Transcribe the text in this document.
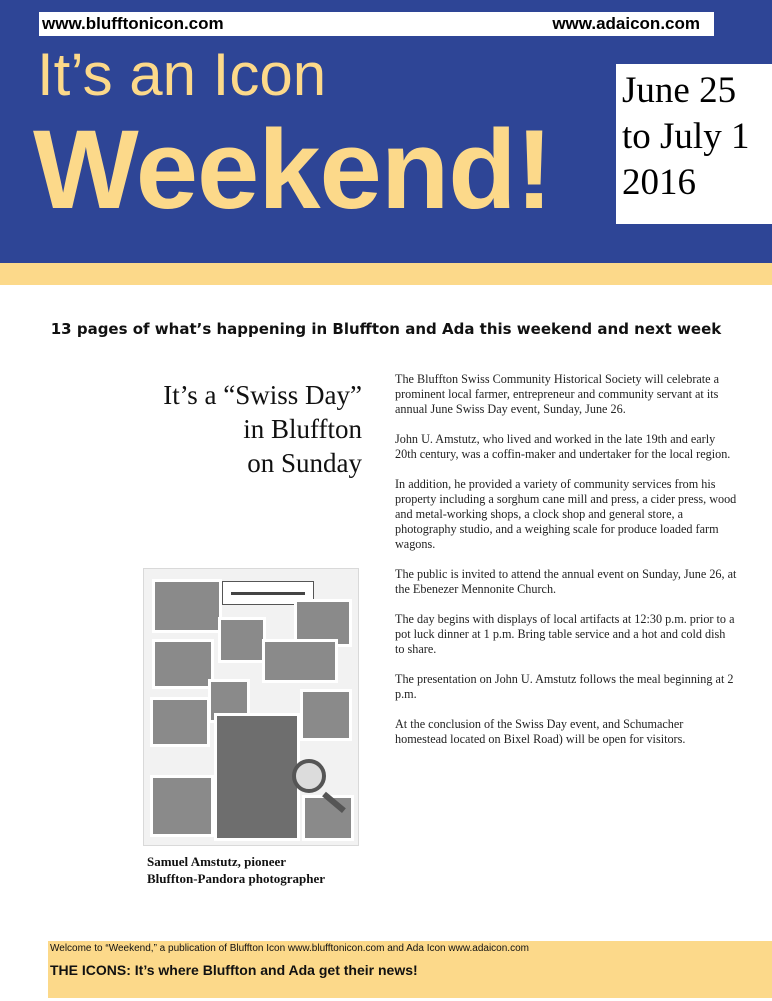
www.blufftonicon.com	www.adaicon.com
It’s an Icon
Weekend!
June 25
to July 1
2016
13 pages of what’s happening in Bluffton and Ada this weekend and next week
It’s a “Swiss Day”
in Bluffton
on Sunday

The Bluffton Swiss Community Historical Society will celebrate a prominent local farmer, entrepreneur and community servant at its annual June Swiss Day event, Sunday, June 26.

John U. Amstutz, who lived and worked in the late 19th and early 20th century, was a coffin-maker and undertaker for the local region.

In addition, he provided a variety of community services from his property including a sorghum cane mill and press, a cider press, wood and metal-working shops, a clock shop and general store, a photography studio, and a weighing scale for produce loaded farm wagons.

The public is invited to attend the annual event on Sunday, June 26, at the Ebenezer Mennonite Church.

The day begins with displays of local artifacts at 12:30 p.m. prior to a pot luck dinner at 1 p.m. Bring table service and a hot and cold dish to share.

The presentation on John U. Amstutz follows the meal beginning at 2 p.m.

At the conclusion of the Swiss Day event, and Schumacher homestead located on Bixel Road) will be open for visitors.

Samuel Amstutz, pioneer
Bluffton-Pandora photographer
Welcome to “Weekend,” a publication of Bluffton Icon www.blufftonicon.com and Ada Icon www.adaicon.com
THE ICONS: It’s where Bluffton and Ada get their news!
